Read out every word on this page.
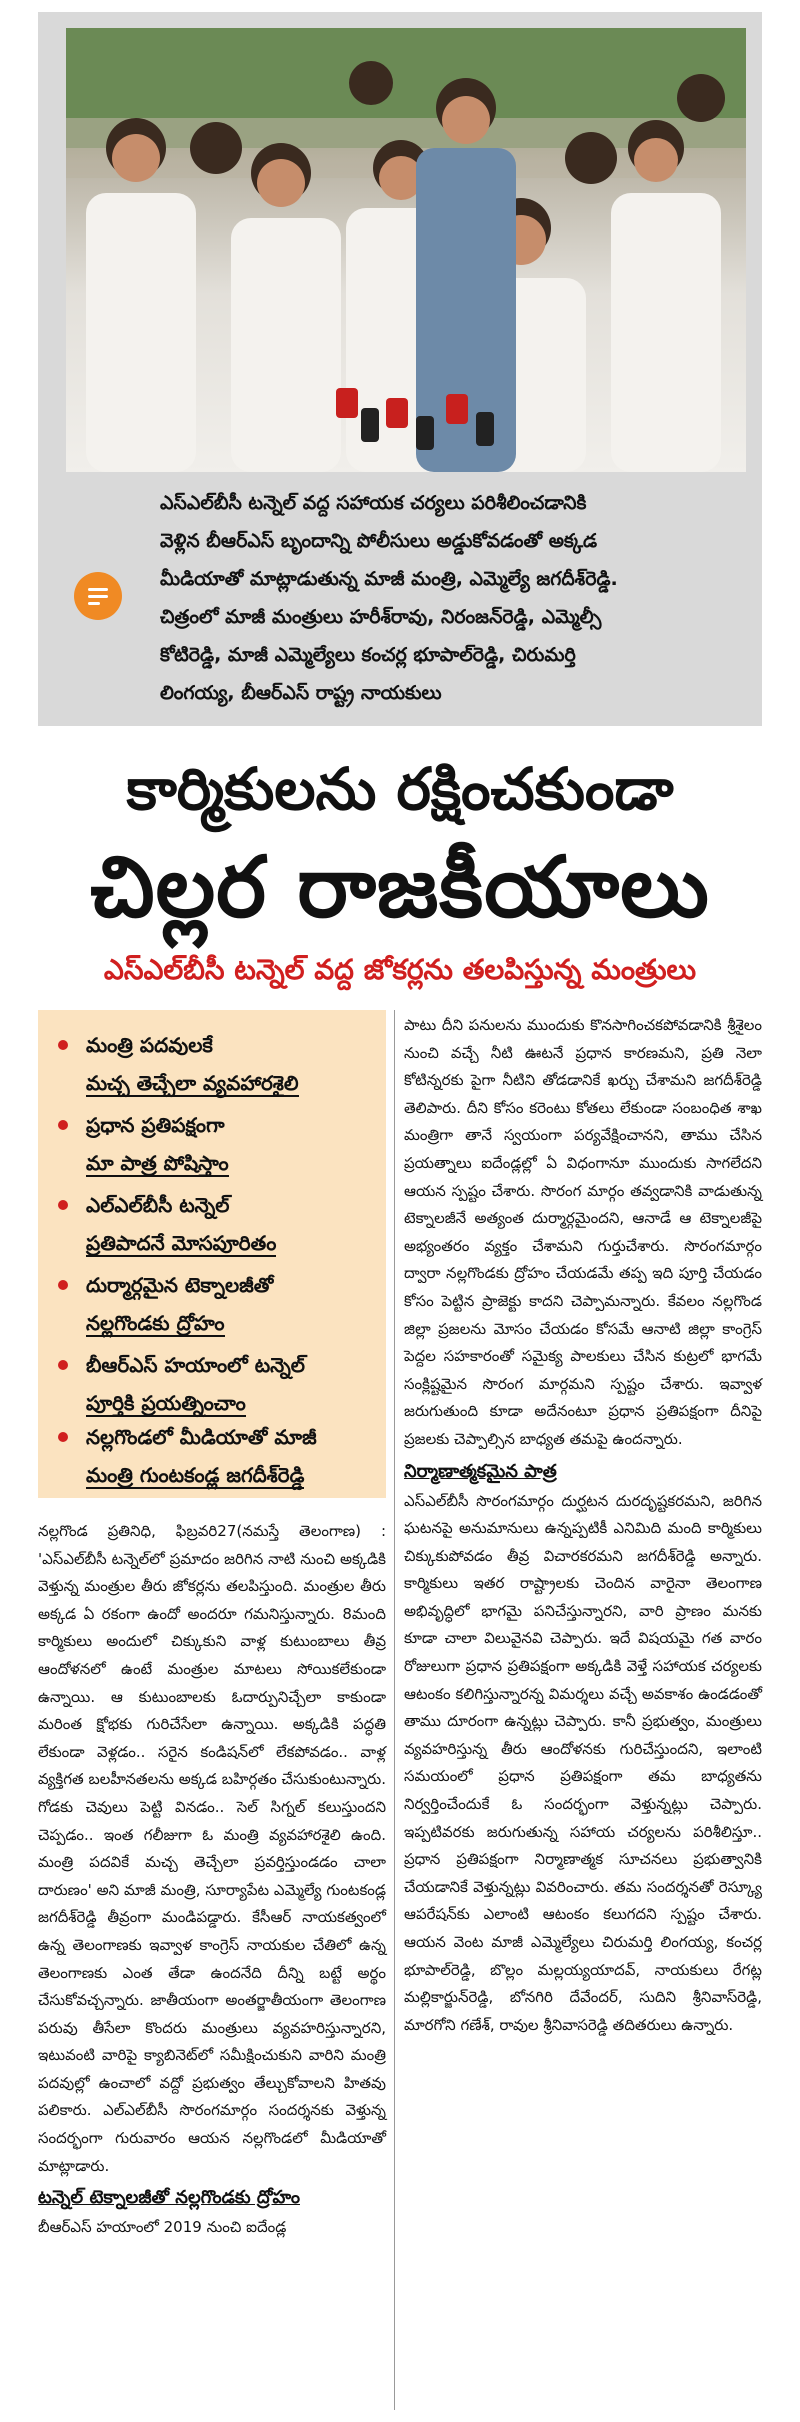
ఎస్‌ఎల్‌బీసీ టన్నెల్ వద్ద సహాయక చర్యలు పరిశీలించడానికి
వెళ్లిన బీఆర్ఎస్ బృందాన్ని పోలీసులు అడ్డుకోవడంతో అక్కడ
మీడియాతో మాట్లాడుతున్న మాజీ మంత్రి, ఎమ్మెల్యే జగదీశ్‌రెడ్డి.
చిత్రంలో మాజీ మంత్రులు హరీశ్‌రావు, నిరంజన్‌రెడ్డి, ఎమ్మెల్సీ
కోటిరెడ్డి, మాజీ ఎమ్మెల్యేలు కంచర్ల భూపాల్‌రెడ్డి, చిరుమర్తి
లింగయ్య, బీఆర్ఎస్ రాష్ట్ర నాయకులు
కార్మికులను రక్షించకుండా
చిల్లర రాజకీయాలు
ఎస్‌ఎల్‌బీసీ టన్నెల్ వద్ద జోకర్లను తలపిస్తున్న మంత్రులు
మంత్రి పదవులకే
మచ్చ తెచ్చేలా వ్యవహారశైలి
ప్రధాన ప్రతిపక్షంగా
మా పాత్ర పోషిస్తాం
ఎల్ఎల్‌బీసీ టన్నెల్
ప్రతిపాదనే మోసపూరితం
దుర్మార్గమైన టెక్నాలజీతో
నల్లగొండకు ద్రోహం
బీఆర్ఎస్ హయాంలో టన్నెల్
పూర్తికి ప్రయత్నించాం
నల్లగొండలో మీడియాతో మాజీ
మంత్రి గుంటకండ్ల జగదీశ్‌రెడ్డి

నల్లగొండ ప్రతినిధి, ఫిబ్రవరి27(నమస్తే తెలంగాణ) : 'ఎస్‌ఎల్‌బీసీ టన్నెల్‌లో ప్రమాదం జరిగిన నాటి నుంచి అక్కడికి వెళ్తున్న మంత్రుల తీరు జోకర్లను తలపిస్తుంది. మంత్రుల తీరు అక్కడ ఏ రకంగా ఉందో అందరూ గమనిస్తున్నారు. 8మంది కార్మికులు అందులో చిక్కుకుని వాళ్ల కుటుంబాలు తీవ్ర ఆందోళనలో ఉంటే మంత్రుల మాటలు సోయికలేకుండా ఉన్నాయి. ఆ కుటుంబాలకు ఓదార్పునిచ్చేలా కాకుండా మరింత క్షోభకు గురిచేసేలా ఉన్నాయి. అక్కడికి పద్ధతి లేకుండా వెళ్లడం.. సరైన కండిషన్‌లో లేకపోవడం.. వాళ్ల వ్యక్తిగత బలహీనతలను అక్కడ బహిర్గతం చేసుకుంటున్నారు. గోడకు చెవులు పెట్టి వినడం.. సెల్ సిగ్నల్ కలుస్తుందని చెప్పడం.. ఇంత గలీజుగా ఓ మంత్రి వ్యవహారశైలి ఉంది. మంత్రి పదవికే మచ్చ తెచ్చేలా ప్రవర్తిస్తుండడం చాలా దారుణం' అని మాజీ మంత్రి, సూర్యాపేట ఎమ్మెల్యే గుంటకండ్ల జగదీశ్‌రెడ్డి తీవ్రంగా మండిపడ్డారు. కేసీఆర్ నాయకత్వంలో ఉన్న తెలంగాణకు ఇవ్వాళ కాంగ్రెస్ నాయకుల చేతిలో ఉన్న తెలంగాణకు ఎంత తేడా ఉందనేది దీన్ని బట్టే అర్థం చేసుకోవచ్చన్నారు. జాతీయంగా అంతర్జాతీయంగా తెలంగాణ పరువు తీసేలా కొందరు మంత్రులు వ్యవహరిస్తున్నారని, ఇటువంటి వారిపై క్యాబినెట్‌లో సమీక్షించుకుని వారిని మంత్రి పదవుల్లో ఉంచాలో వద్దో ప్రభుత్వం తేల్చుకోవాలని హితవు పలికారు. ఎల్‌ఎల్‌బీసీ సొరంగమార్గం సందర్శనకు వెళ్తున్న సందర్భంగా గురువారం ఆయన నల్లగొండలో మీడియాతో మాట్లాడారు.

టన్నెల్ టెక్నాలజీతో నల్లగొండకు ద్రోహం

బీఆర్ఎస్ హయాంలో 2019 నుంచి ఐదేండ్ల

పాటు దీని పనులను ముందుకు కొనసాగించకపోవడానికి శ్రీశైలం నుంచి వచ్చే నీటి ఊటనే ప్రధాన కారణమని, ప్రతి నెలా కోటిన్నరకు పైగా నీటిని తోడడానికే ఖర్చు చేశామని జగదీశ్‌రెడ్డి తెలిపారు. దీని కోసం కరెంటు కోతలు లేకుండా సంబంధిత శాఖ మంత్రిగా తానే స్వయంగా పర్యవేక్షించానని, తాము చేసిన ప్రయత్నాలు ఐదేండ్లల్లో ఏ విధంగానూ ముందుకు సాగలేదని ఆయన స్పష్టం చేశారు. సొరంగ మార్గం తవ్వడానికి వాడుతున్న టెక్నాలజీనే అత్యంత దుర్మార్గమైందని, ఆనాడే ఆ టెక్నాలజీపై అభ్యంతరం వ్యక్తం చేశామని గుర్తుచేశారు. సొరంగమార్గం ద్వారా నల్లగొండకు ద్రోహం చేయడమే తప్ప ఇది పూర్తి చేయడం కోసం పెట్టిన ప్రాజెక్టు కాదని చెప్పామన్నారు. కేవలం నల్లగొండ జిల్లా ప్రజలను మోసం చేయడం కోసమే ఆనాటి జిల్లా కాంగ్రెస్ పెద్దల సహకారంతో సమైక్య పాలకులు చేసిన కుట్రలో భాగమే సంక్లిష్టమైన సొరంగ మార్గమని స్పష్టం చేశారు. ఇవ్వాళ జరుగుతుంది కూడా అదేనంటూ ప్రధాన ప్రతిపక్షంగా దీనిపై ప్రజలకు చెప్పాల్సిన బాధ్యత తమపై ఉందన్నారు.

నిర్మాణాత్మకమైన పాత్ర

ఎస్‌ఎల్‌బీసీ సొరంగమార్గం దుర్ఘటన దురదృష్టకరమని, జరిగిన ఘటనపై అనుమానులు ఉన్నప్పటికీ ఎనిమిది మంది కార్మికులు చిక్కుకుపోవడం తీవ్ర విచారకరమని జగదీశ్‌రెడ్డి అన్నారు. కార్మికులు ఇతర రాష్ట్రాలకు చెందిన వారైనా తెలంగాణ అభివృద్ధిలో భాగమై పనిచేస్తున్నారని, వారి ప్రాణం మనకు కూడా చాలా విలువైనవి చెప్పారు. ఇదే విషయమై గత వారం రోజులుగా ప్రధాన ప్రతిపక్షంగా అక్కడికి వెళ్తే సహాయక చర్యలకు ఆటంకం కలిగిస్తున్నారన్న విమర్శలు వచ్చే అవకాశం ఉండడంతో తాము దూరంగా ఉన్నట్లు చెప్పారు. కానీ ప్రభుత్వం, మంత్రులు వ్యవహరిస్తున్న తీరు ఆందోళనకు గురిచేస్తుందని, ఇలాంటి సమయంలో ప్రధాన ప్రతిపక్షంగా తమ బాధ్యతను నిర్వర్తించేందుకే ఓ సందర్భంగా వెళ్తున్నట్లు చెప్పారు. ఇప్పటివరకు జరుగుతున్న సహాయ చర్యలను పరిశీలిస్తూ.. ప్రధాన ప్రతిపక్షంగా నిర్మాణాత్మక సూచనలు ప్రభుత్వానికి చేయడానికే వెళ్తున్నట్లు వివరించారు. తమ సందర్శనతో రెస్క్యూ ఆపరేషన్‌కు ఎలాంటి ఆటంకం కలుగదని స్పష్టం చేశారు. ఆయన వెంట మాజీ ఎమ్మెల్యేలు చిరుమర్తి లింగయ్య, కంచర్ల భూపాల్‌రెడ్డి, బొల్లం మల్లయ్యయాదవ్, నాయకులు రేగట్ల మల్లికార్జున్‌రెడ్డి, బోనగిరి దేవేందర్, సుదిని శ్రీనివాస్‌రెడ్డి, మారగోని గణేశ్, రావుల శ్రీనివాసరెడ్డి తదితరులు ఉన్నారు.
